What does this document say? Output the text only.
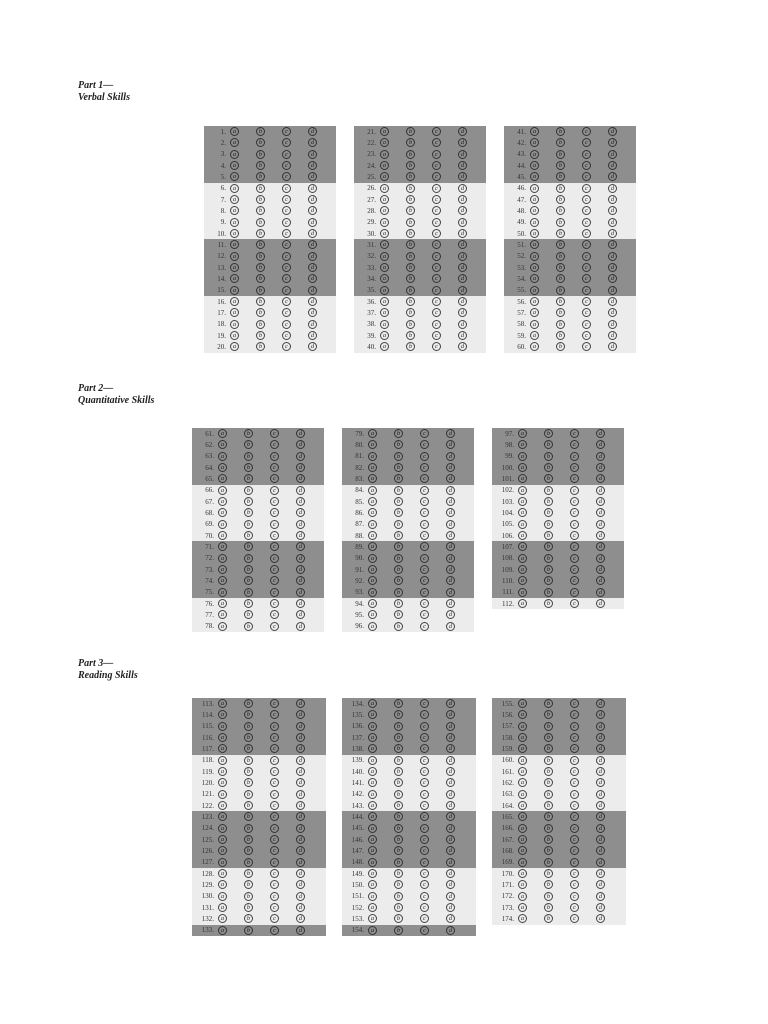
Part 1—
Verbal Skills
Part 2—
Quantitative Skills
Part 3—
Reading Skills
1.	a	b	c	d
2.	a	b	c	d
3.	a	b	c	d
4.	a	b	c	d
5.	a	b	c	d
6.	a	b	c	d
7.	a	b	c	d
8.	a	b	c	d
9.	a	b	c	d
10.	a	b	c	d
11.	a	b	c	d
12.	a	b	c	d
13.	a	b	c	d
14.	a	b	c	d
15.	a	b	c	d
16.	a	b	c	d
17.	a	b	c	d
18.	a	b	c	d
19.	a	b	c	d
20.	a	b	c	d
21.	a	b	c	d
22.	a	b	c	d
23.	a	b	c	d
24.	a	b	c	d
25.	a	b	c	d
26.	a	b	c	d
27.	a	b	c	d
28.	a	b	c	d
29.	a	b	c	d
30.	a	b	c	d
31.	a	b	c	d
32.	a	b	c	d
33.	a	b	c	d
34.	a	b	c	d
35.	a	b	c	d
36.	a	b	c	d
37.	a	b	c	d
38.	a	b	c	d
39.	a	b	c	d
40.	a	b	c	d
41.	a	b	c	d
42.	a	b	c	d
43.	a	b	c	d
44.	a	b	c	d
45.	a	b	c	d
46.	a	b	c	d
47.	a	b	c	d
48.	a	b	c	d
49.	a	b	c	d
50.	a	b	c	d
51.	a	b	c	d
52.	a	b	c	d
53.	a	b	c	d
54.	a	b	c	d
55.	a	b	c	d
56.	a	b	c	d
57.	a	b	c	d
58.	a	b	c	d
59.	a	b	c	d
60.	a	b	c	d
61.	a	b	c	d
62.	a	b	c	d
63.	a	b	c	d
64.	a	b	c	d
65.	a	b	c	d
66.	a	b	c	d
67.	a	b	c	d
68.	a	b	c	d
69.	a	b	c	d
70.	a	b	c	d
71.	a	b	c	d
72.	a	b	c	d
73.	a	b	c	d
74.	a	b	c	d
75.	a	b	c	d
76.	a	b	c	d
77.	a	b	c	d
78.	a	b	c	d
79.	a	b	c	d
80.	a	b	c	d
81.	a	b	c	d
82.	a	b	c	d
83.	a	b	c	d
84.	a	b	c	d
85.	a	b	c	d
86.	a	b	c	d
87.	a	b	c	d
88.	a	b	c	d
89.	a	b	c	d
90.	a	b	c	d
91.	a	b	c	d
92.	a	b	c	d
93.	a	b	c	d
94.	a	b	c	d
95.	a	b	c	d
96.	a	b	c	d
97.	a	b	c	d
98.	a	b	c	d
99.	a	b	c	d
100.	a	b	c	d
101.	a	b	c	d
102.	a	b	c	d
103.	a	b	c	d
104.	a	b	c	d
105.	a	b	c	d
106.	a	b	c	d
107.	a	b	c	d
108.	a	b	c	d
109.	a	b	c	d
110.	a	b	c	d
111.	a	b	c	d
112.	a	b	c	d
113.	a	b	c	d
114.	a	b	c	d
115.	a	b	c	d
116.	a	b	c	d
117.	a	b	c	d
118.	a	b	c	d
119.	a	b	c	d
120.	a	b	c	d
121.	a	b	c	d
122.	a	b	c	d
123.	a	b	c	d
124.	a	b	c	d
125.	a	b	c	d
126.	a	b	c	d
127.	a	b	c	d
128.	a	b	c	d
129.	a	b	c	d
130.	a	b	c	d
131.	a	b	c	d
132.	a	b	c	d
133.	a	b	c	d
134.	a	b	c	d
135.	a	b	c	d
136.	a	b	c	d
137.	a	b	c	d
138.	a	b	c	d
139.	a	b	c	d
140.	a	b	c	d
141.	a	b	c	d
142.	a	b	c	d
143.	a	b	c	d
144.	a	b	c	d
145.	a	b	c	d
146.	a	b	c	d
147.	a	b	c	d
148.	a	b	c	d
149.	a	b	c	d
150.	a	b	c	d
151.	a	b	c	d
152.	a	b	c	d
153.	a	b	c	d
154.	a	b	c	d
155.	a	b	c	d
156.	a	b	c	d
157.	a	b	c	d
158.	a	b	c	d
159.	a	b	c	d
160.	a	b	c	d
161.	a	b	c	d
162.	a	b	c	d
163.	a	b	c	d
164.	a	b	c	d
165.	a	b	c	d
166.	a	b	c	d
167.	a	b	c	d
168.	a	b	c	d
169.	a	b	c	d
170.	a	b	c	d
171.	a	b	c	d
172.	a	b	c	d
173.	a	b	c	d
174.	a	b	c	d
